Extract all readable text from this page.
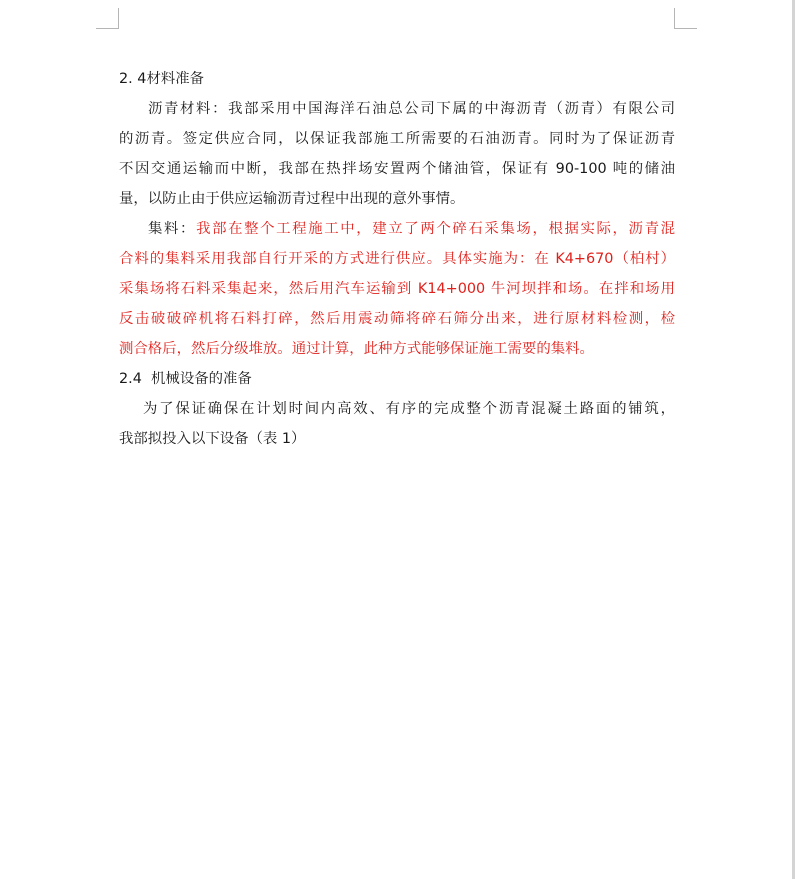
2. 4材料准备
沥青材料：我部采用中国海洋石油总公司下属的中海沥青（沥青）有限公司
的沥青。签定供应合同，以保证我部施工所需要的石油沥青。同时为了保证沥青
不因交通运输而中断，我部在热拌场安置两个储油管，保证有 90-100 吨的储油
量，以防止由于供应运输沥青过程中出现的意外事情。
集料：我部在整个工程施工中，建立了两个碎石采集场，根据实际，沥青混
合料的集料采用我部自行开采的方式进行供应。具体实施为：在 K4+670（柏村）
采集场将石料采集起来，然后用汽车运输到 K14+000 牛河坝拌和场。在拌和场用
反击破破碎机将石料打碎，然后用震动筛将碎石筛分出来，进行原材料检测，检
测合格后，然后分级堆放。通过计算，此种方式能够保证施工需要的集料。
2.4  机械设备的准备
为了保证确保在计划时间内高效、有序的完成整个沥青混凝土路面的铺筑，
我部拟投入以下设备（表 1）
